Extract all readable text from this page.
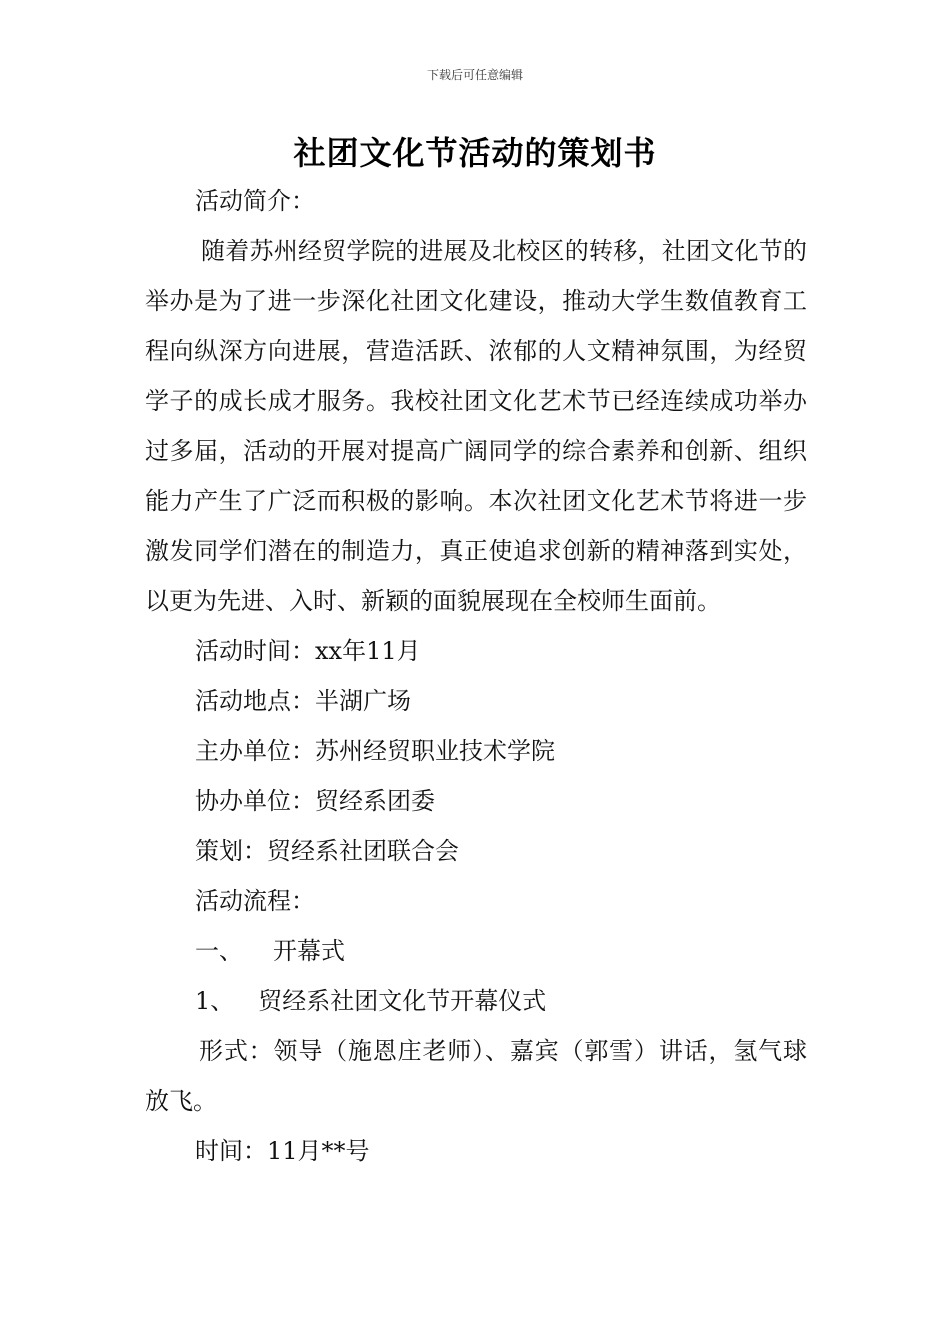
下载后可任意编辑
社团文化节活动的策划书
活动简介：
随着苏州经贸学院的进展及北校区的转移，社团文化节的举办是为了进一步深化社团文化建设，推动大学生数值教育工程向纵深方向进展，营造活跃、浓郁的人文精神氛围，为经贸学子的成长成才服务。我校社团文化艺术节已经连续成功举办过多届，活动的开展对提高广阔同学的综合素养和创新、组织能力产生了广泛而积极的影响。本次社团文化艺术节将进一步激发同学们潜在的制造力，真正使追求创新的精神落到实处，以更为先进、入时、新颖的面貌展现在全校师生面前。
活动时间：xx年11月
活动地点：半湖广场
主办单位：苏州经贸职业技术学院
协办单位：贸经系团委
策划：贸经系社团联合会
活动流程：
一、 开幕式
1、 贸经系社团文化节开幕仪式
形式：领导（施恩庄老师）、嘉宾（郭雪）讲话，氢气球放飞。
时间：11月**号
